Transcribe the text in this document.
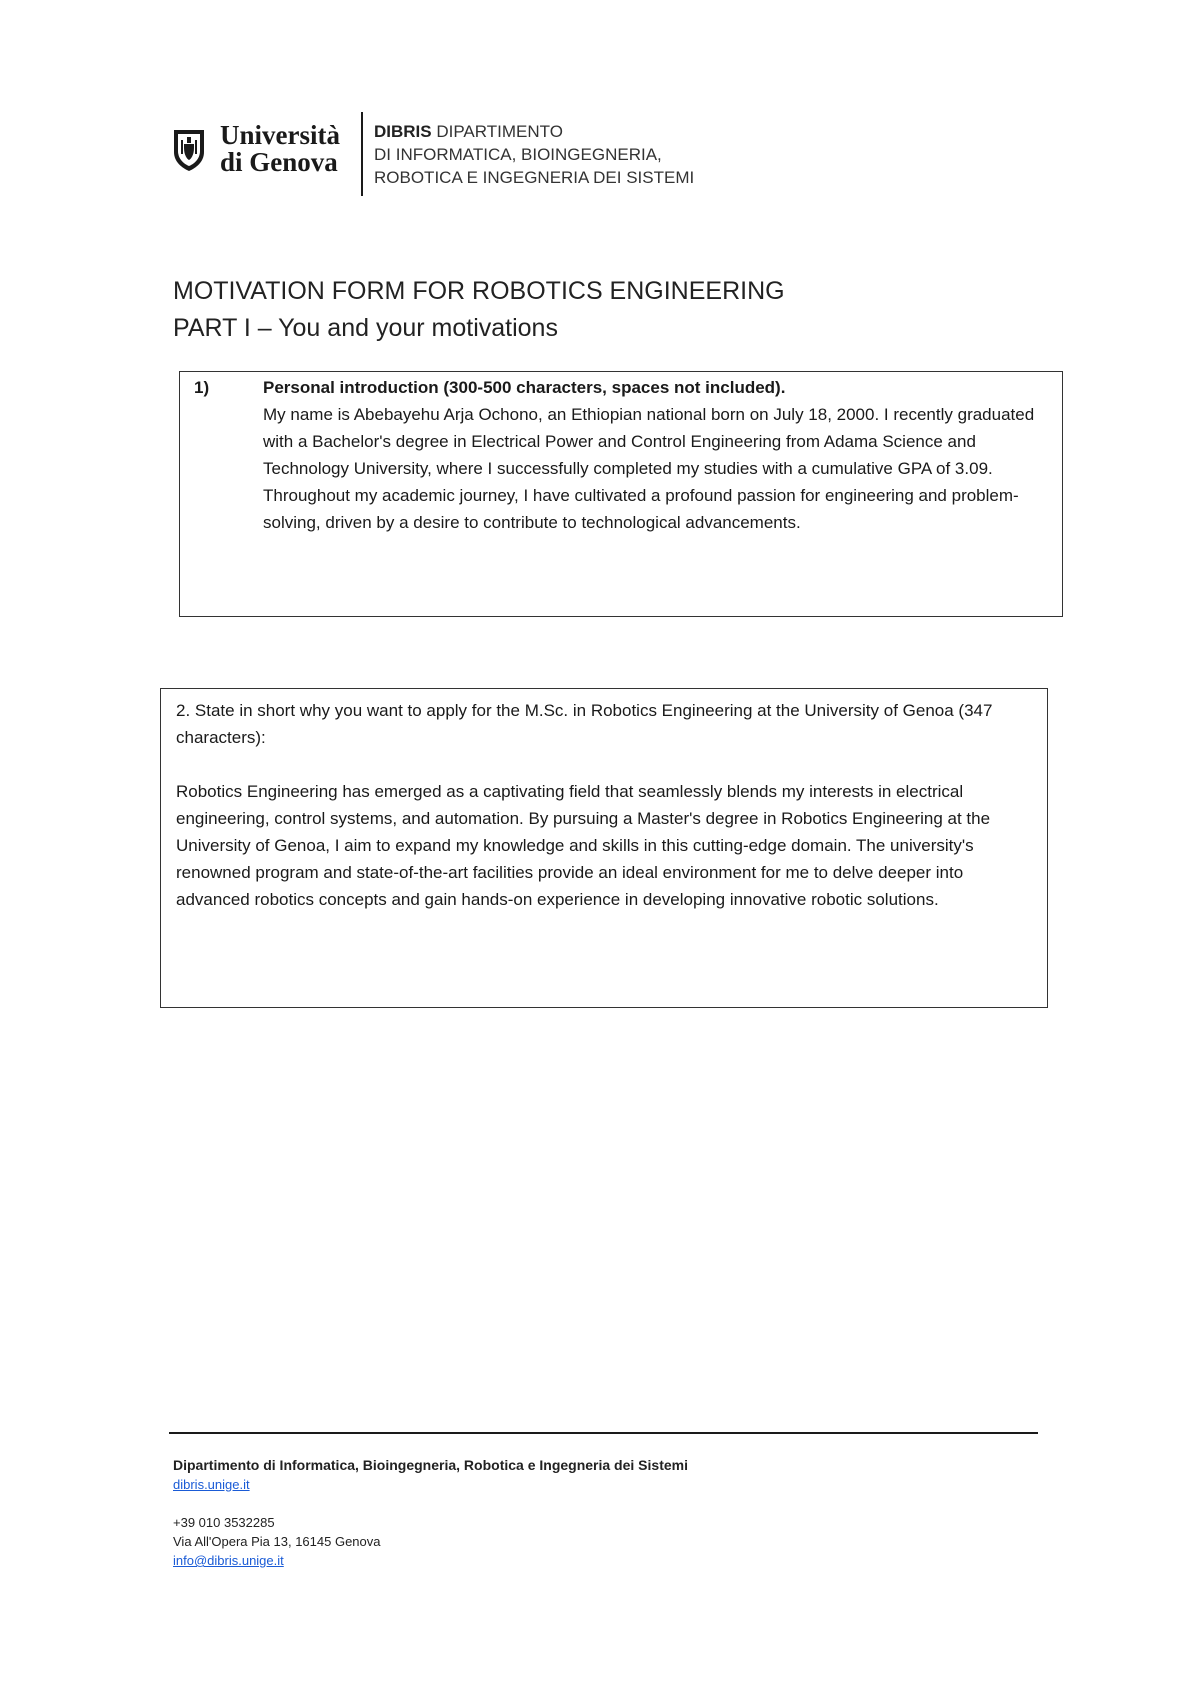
Università
di Genova
DIBRIS DIPARTIMENTO
DI INFORMATICA, BIOINGEGNERIA,
ROBOTICA E INGEGNERIA DEI SISTEMI
MOTIVATION FORM FOR ROBOTICS ENGINEERING
PART I – You and your motivations
1)	Personal introduction (300-500 characters, spaces not included).
My name is Abebayehu Arja Ochono, an Ethiopian national born on July 18, 2000. I recently graduated with a Bachelor's degree in Electrical Power and Control Engineering from Adama Science and Technology University, where I successfully completed my studies with a cumulative GPA of 3.09. Throughout my academic journey, I have cultivated a profound passion for engineering and problem-solving, driven by a desire to contribute to technological advancements.
2. State in short why you want to apply for the M.Sc. in Robotics Engineering at the University of Genoa (347 characters):
Robotics Engineering has emerged as a captivating field that seamlessly blends my interests in electrical engineering, control systems, and automation. By pursuing a Master's degree in Robotics Engineering at the University of Genoa, I aim to expand my knowledge and skills in this cutting-edge domain. The university's renowned program and state-of-the-art facilities provide an ideal environment for me to delve deeper into advanced robotics concepts and gain hands-on experience in developing innovative robotic solutions.
Dipartimento di Informatica, Bioingegneria, Robotica e Ingegneria dei Sistemi
dibris.unige.it
+39 010 3532285
Via All'Opera Pia 13, 16145 Genova
info@dibris.unige.it
